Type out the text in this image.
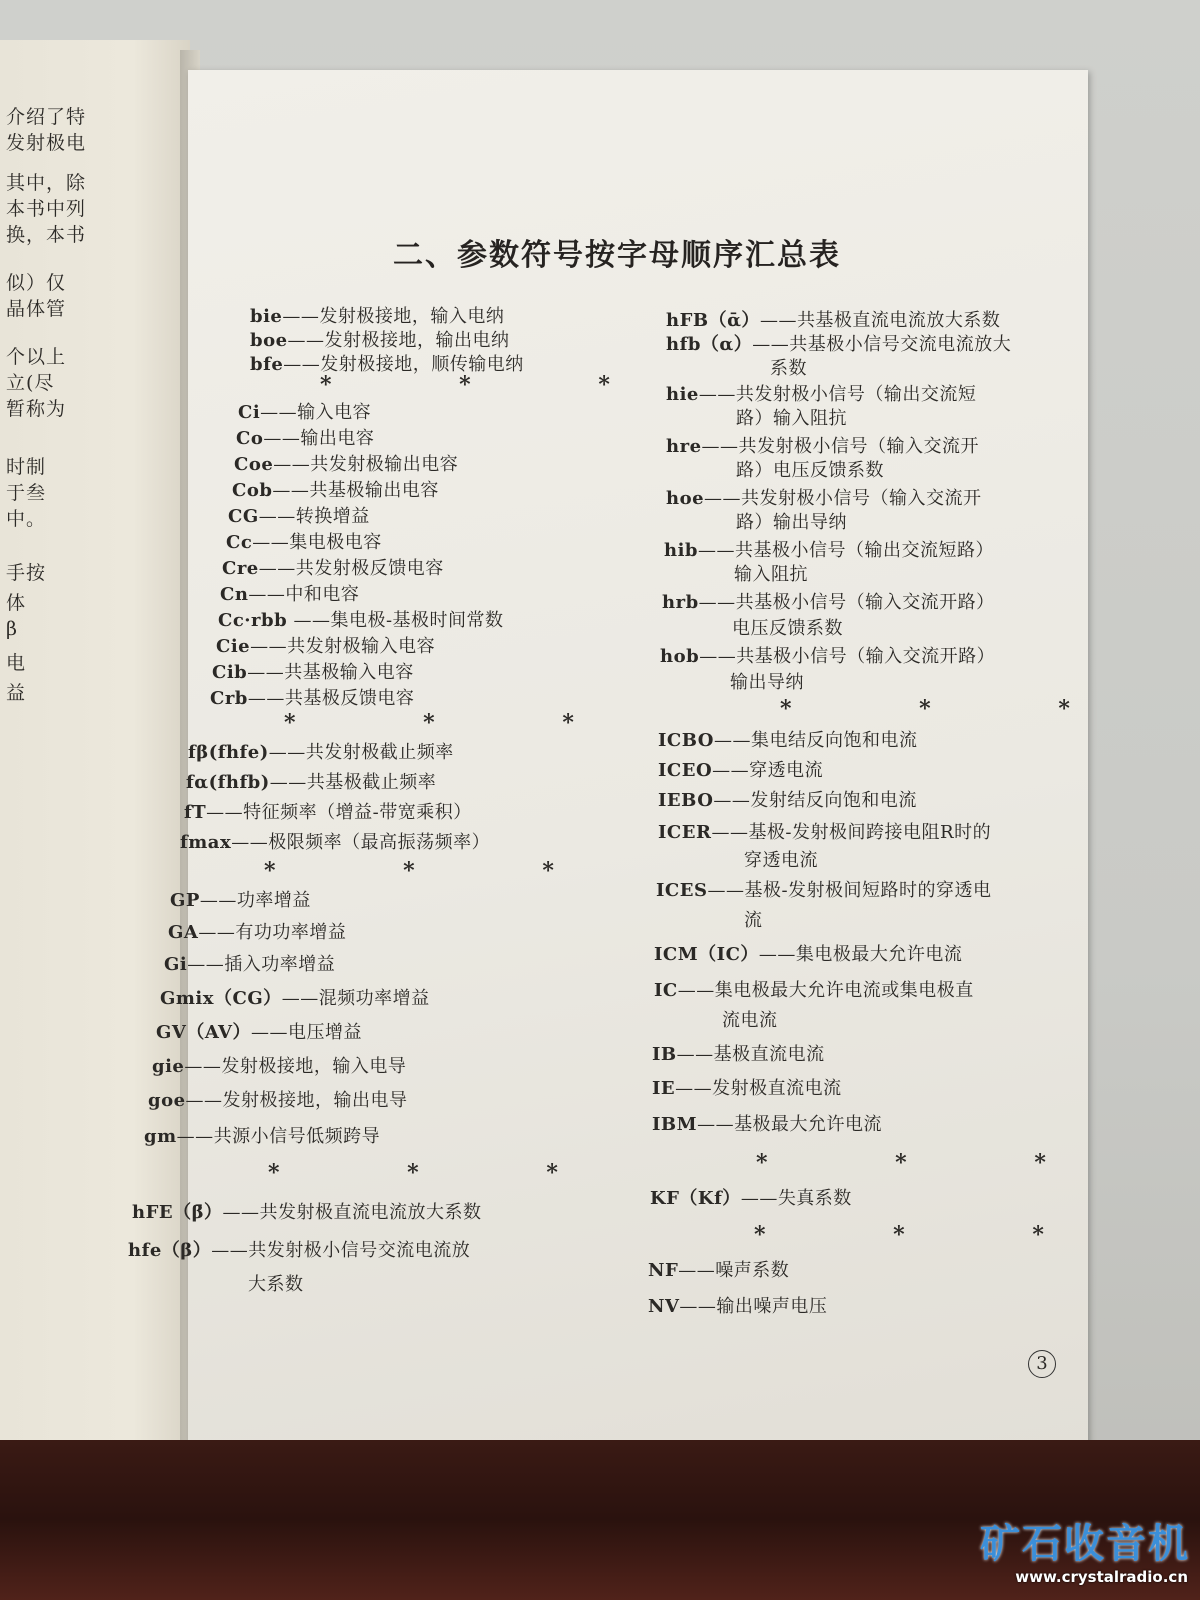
介绍了特
发射极电
其中，除
本书中列
换，本书
似）仅
晶体管
个以上
立(尽
暂称为
时制
于叁
中。
手按
体
β
电
益
二、参数符号按字母顺序汇总表
bie——发射极接地，输入电纳
boe——发射极接地，输出电纳
bfe——发射极接地，顺传输电纳
* * *
Ci——输入电容
Co——输出电容
Coe——共发射极输出电容
Cob——共基极输出电容
CG——转换增益
Cc——集电极电容
Cre——共发射极反馈电容
Cn——中和电容
Cc·rbb ——集电极-基极时间常数
Cie——共发射极输入电容
Cib——共基极输入电容
Crb——共基极反馈电容
* * *
fβ(fhfe)——共发射极截止频率
fα(fhfb)——共基极截止频率
fT——特征频率（增益-带宽乘积）
fmax——极限频率（最高振荡频率）
* * *
GP——功率增益
GA——有功功率增益
Gi——插入功率增益
Gmix（CG）——混频功率增益
GV（AV）——电压增益
gie——发射极接地，输入电导
goe——发射极接地，输出电导
gm——共源小信号低频跨导
* * *
hFE（β̄）——共发射极直流电流放大系数
hfe（β）——共发射极小信号交流电流放
大系数
hFB（ᾱ）——共基极直流电流放大系数
hfb（α）——共基极小信号交流电流放大
系数
hie——共发射极小信号（输出交流短
路）输入阻抗
hre——共发射极小信号（输入交流开
路）电压反馈系数
hoe——共发射极小信号（输入交流开
路）输出导纳
hib——共基极小信号（输出交流短路）
输入阻抗
hrb——共基极小信号（输入交流开路）
电压反馈系数
hob——共基极小信号（输入交流开路）
输出导纳
* * *
ICBO——集电结反向饱和电流
ICEO——穿透电流
IEBO——发射结反向饱和电流
ICER——基极-发射极间跨接电阻R时的
穿透电流
ICES——基极-发射极间短路时的穿透电
流
ICM（IC）——集电极最大允许电流
IC——集电极最大允许电流或集电极直
流电流
IB——基极直流电流
IE——发射极直流电流
IBM——基极最大允许电流
* * *
KF（Kf）——失真系数
* * *
NF——噪声系数
NV——输出噪声电压
3
矿石收音机
www.crystalradio.cn
